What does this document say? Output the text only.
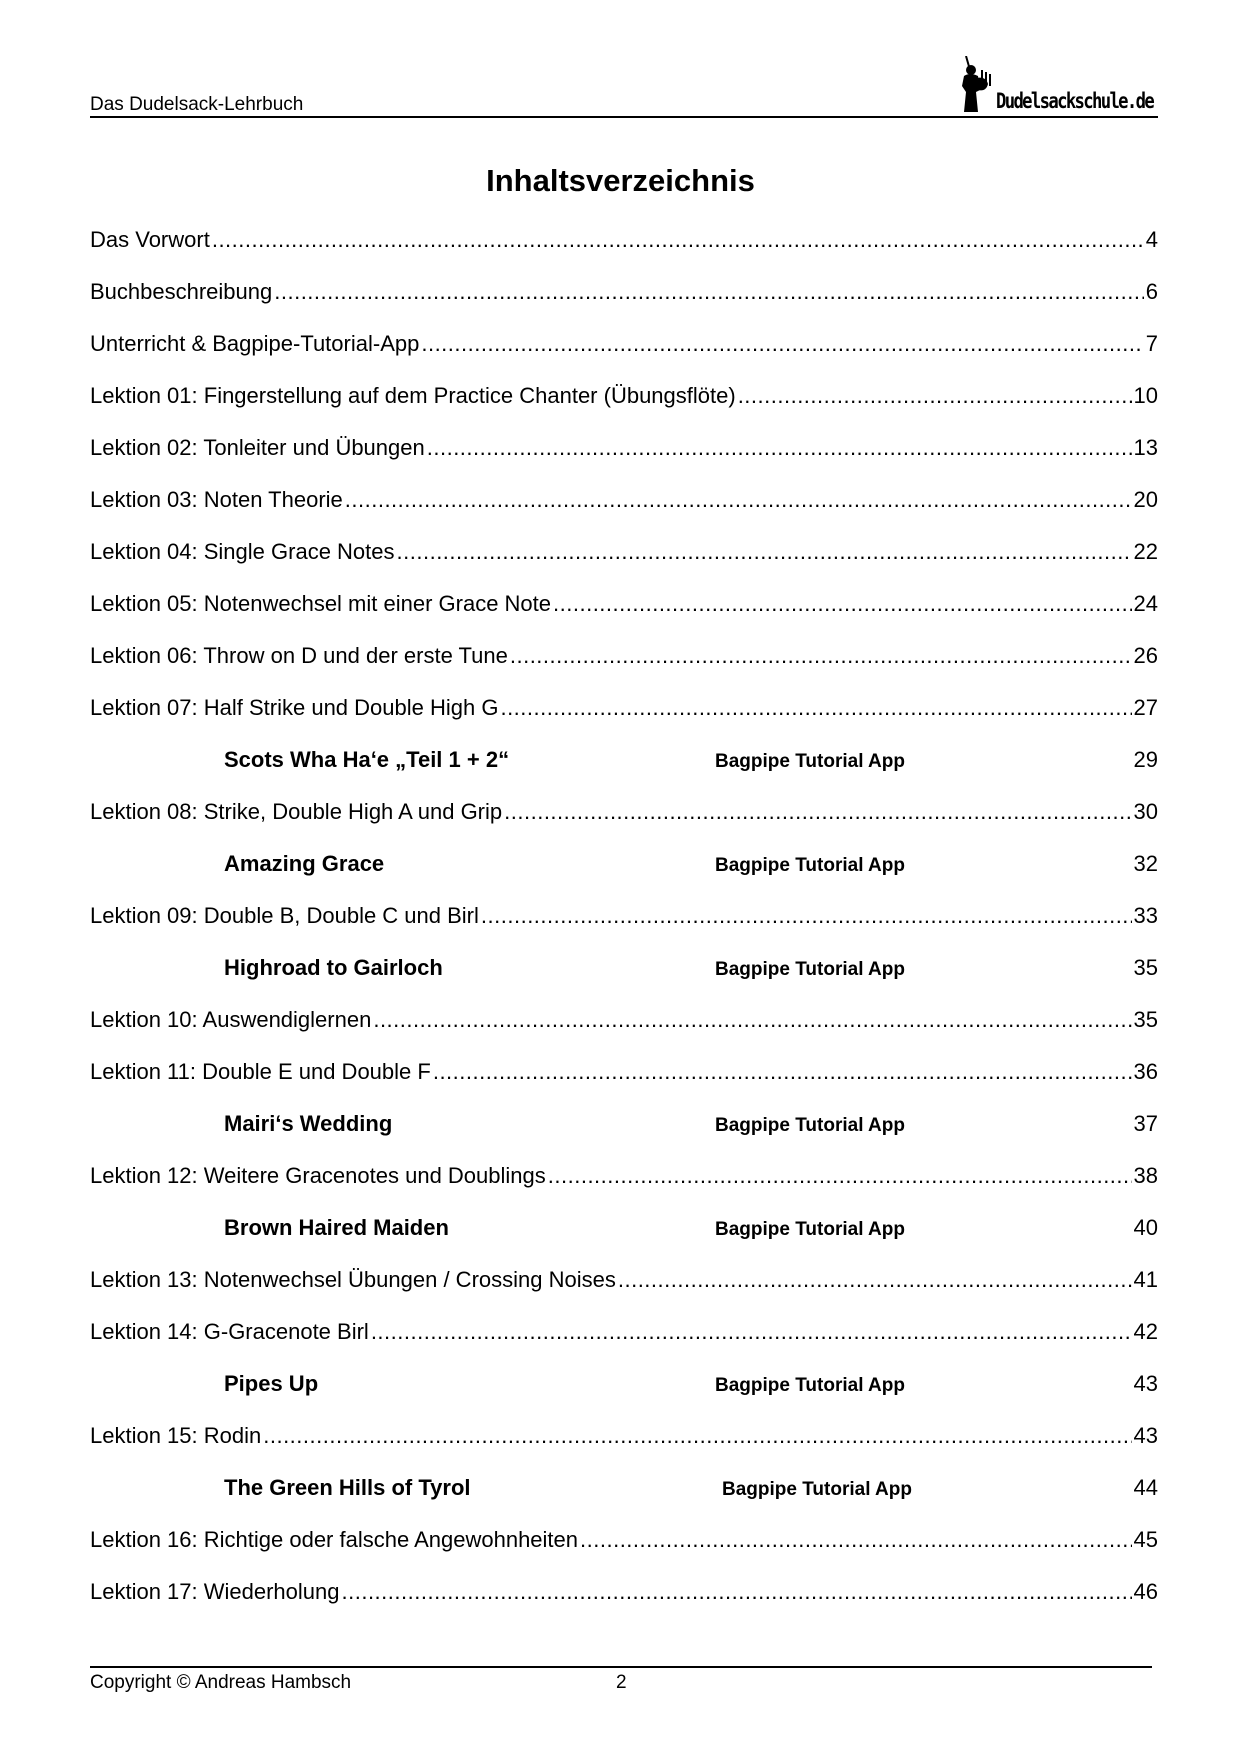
Das Dudelsack-Lehrbuch	Dudelsackschule.de
Inhaltsverzeichnis
Das Vorwort .....	4
Buchbeschreibung .....	6
Unterricht & Bagpipe-Tutorial-App .....	7
Lektion 01: Fingerstellung auf dem Practice Chanter (Übungsflöte) .....	10
Lektion 02: Tonleiter und Übungen .....	13
Lektion 03: Noten Theorie .....	20
Lektion 04: Single Grace Notes .....	22
Lektion 05: Notenwechsel mit einer Grace Note .....	24
Lektion 06: Throw on D und der erste Tune .....	26
Lektion 07: Half Strike und Double High G .....	27
Scots Wha Ha‘e „Teil 1 + 2“	Bagpipe Tutorial App	29
Lektion 08: Strike, Double High A und Grip .....	30
Amazing Grace	Bagpipe Tutorial App	32
Lektion 09: Double B, Double C und Birl .....	33
Highroad to Gairloch	Bagpipe Tutorial App	35
Lektion 10: Auswendiglernen .....	35
Lektion 11: Double E und Double F .....	36
Mairi‘s Wedding	Bagpipe Tutorial App	37
Lektion 12: Weitere Gracenotes und Doublings .....	38
Brown Haired Maiden	Bagpipe Tutorial App	40
Lektion 13: Notenwechsel Übungen / Crossing Noises .....	41
Lektion 14: G-Gracenote Birl .....	42
Pipes Up	Bagpipe Tutorial App	43
Lektion 15: Rodin .....	43
The Green Hills of Tyrol	Bagpipe Tutorial App	44
Lektion 16: Richtige oder falsche Angewohnheiten .....	45
Lektion 17: Wiederholung .....	46
Copyright © Andreas Hambsch	2
